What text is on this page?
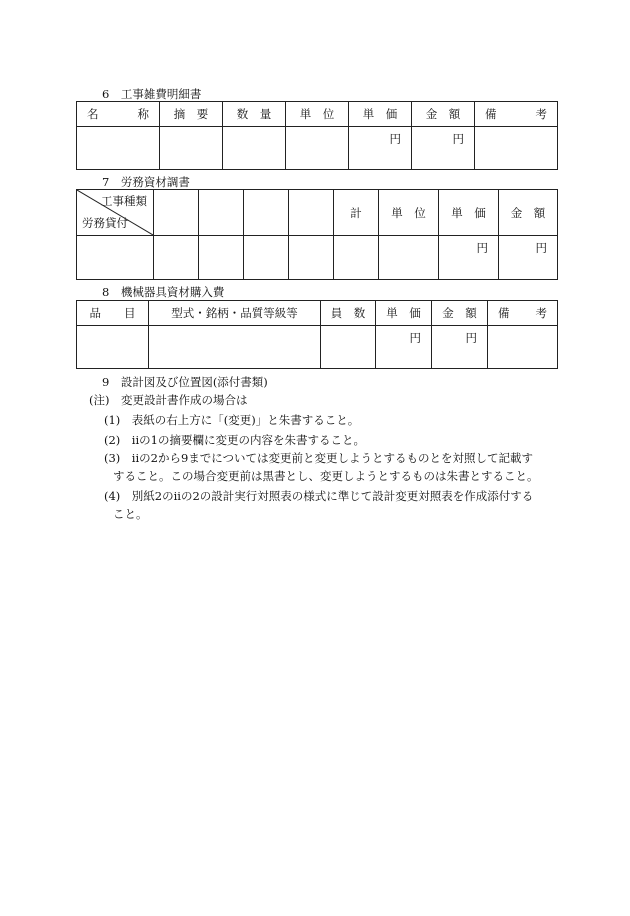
6　工事雑費明細書
名　　　称	摘　要	数　量	単　位	単　価	金　額	備　　　考
				円	円	
7　労務資材調書
工事種類
労務貸付					計	単　位	単　価	金　額
							円	円
8　機械器具資材購入費
品　　目	型式・銘柄・品質等級等	員　数	単　価	金　額	備　　考
			円	円	
9　設計図及び位置図(添付書類)
(注)　変更設計書作成の場合は
(1)　表紙の右上方に「(変更)」と朱書すること。
(2)　iiの1の摘要欄に変更の内容を朱書すること。
(3)　iiの2から9までについては変更前と変更しようとするものとを対照して記載す
すること。この場合変更前は黒書とし、変更しようとするものは朱書とすること。
(4)　別紙2のiiの2の設計実行対照表の様式に準じて設計変更対照表を作成添付する
こと。
